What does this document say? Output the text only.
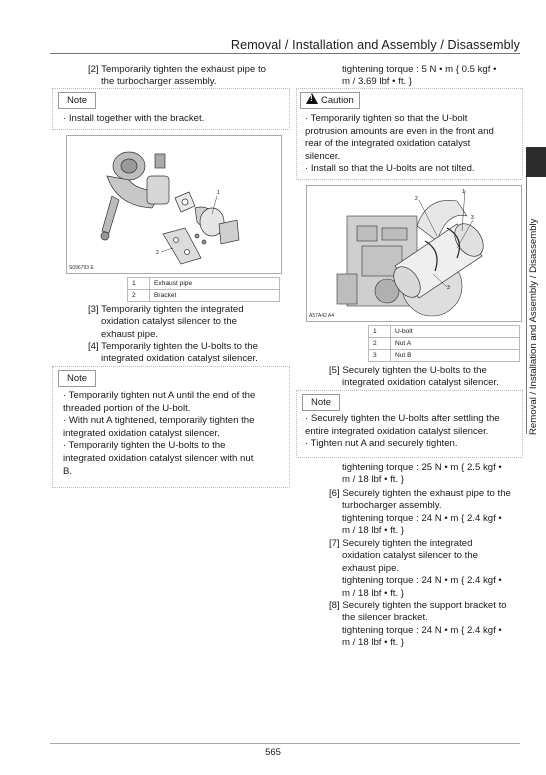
Removal / Installation and Assembly / Disassembly
Removal / Installation and Assembly / Disassembly
[2] Temporarily tighten the exhaust pipe to
the turbocharger assembly.
Note
· Install together with the bracket.
1
2
S096793 E
1	Exhaust pipe
2	Bracket
[3] Temporarily tighten the integrated
oxidation catalyst silencer to the
exhaust pipe.
[4] Temporarily tighten the U-bolts to the
integrated oxidation catalyst silencer.
Note
· Temporarily tighten nut A until the end of the
threaded portion of the U-bolt.
· With nut A tightened, temporarily tighten the
integrated oxidation catalyst silencer.
· Temporarily tighten the U-bolts to the
integrated oxidation catalyst silencer with nut
B.
tightening torque : 5 N • m { 0.5 kgf •
m / 3.69 lbf • ft. }
!Caution
· Temporarily tighten so that the U-bolt
protrusion amounts are even in the front and
rear of the integrated oxidation catalyst
silencer.
· Install so that the U-bolts are not tilted.
2
1
3
3
A57A42 A4
1	U-bolt
2	Nut A
3	Nut B
[5] Securely tighten the U-bolts to the
integrated oxidation catalyst silencer.
Note
· Securely tighten the U-bolts after settling the
entire integrated oxidation catalyst silencer.
· Tighten nut A and securely tighten.
tightening torque : 25 N • m { 2.5 kgf •
m / 18 lbf • ft. }
[6] Securely tighten the exhaust pipe to the
turbocharger assembly.
tightening torque : 24 N • m { 2.4 kgf •
m / 18 lbf • ft. }
[7] Securely tighten the integrated
oxidation catalyst silencer to the
exhaust pipe.
tightening torque : 24 N • m { 2.4 kgf •
m / 18 lbf • ft. }
[8] Securely tighten the support bracket to
the silencer bracket.
tightening torque : 24 N • m { 2.4 kgf •
m / 18 lbf • ft. }
565
